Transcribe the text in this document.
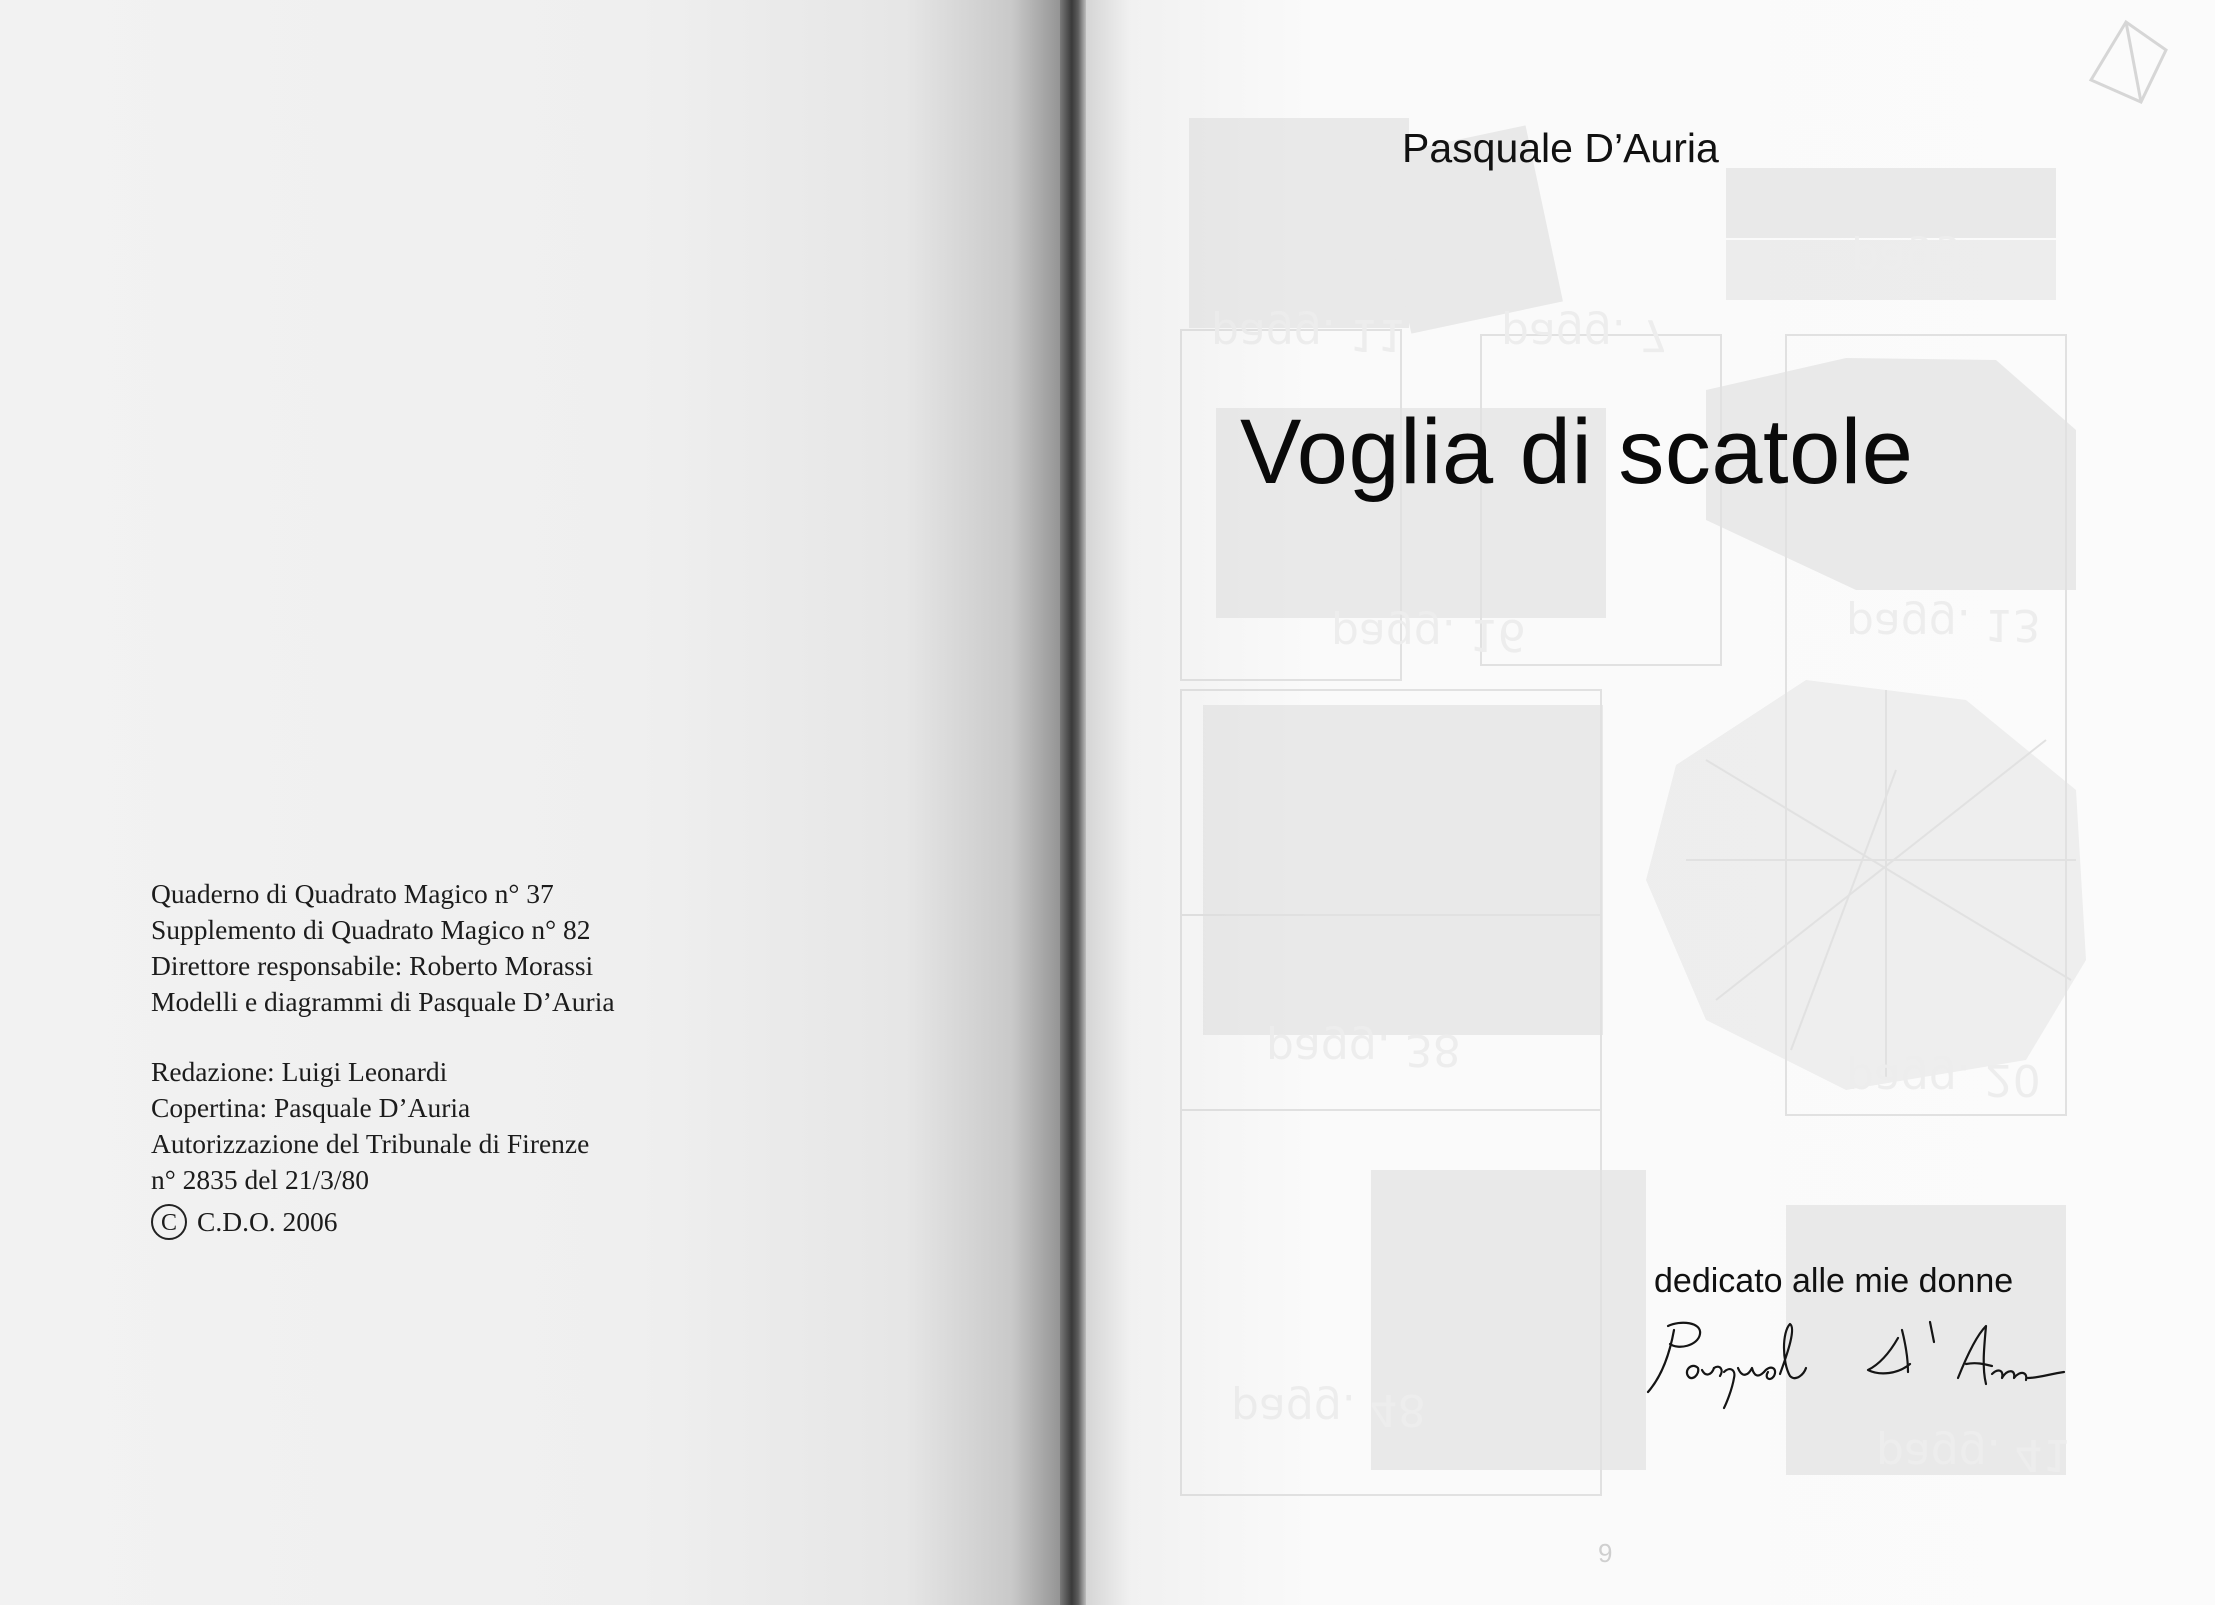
Quaderno di Quadrato Magico n° 37
Supplemento di Quadrato Magico n° 82
Direttore responsabile: Roberto Morassi
Modelli e diagrammi di Pasquale D’Auria
Redazione: Luigi Leonardi
Copertina: Pasquale D’Auria
Autorizzazione del Tribunale di Firenze
n° 2835 del 21/3/80
C C.D.O. 2006
pagg. 3
pagg. 7
pagg. 11
pagg. 13
pagg. 16
pagg. 20
pagg. 38
pagg. 41
pagg. 48
Pasquale D’Auria
Voglia di scatole
dedicato alle mie donne
9
